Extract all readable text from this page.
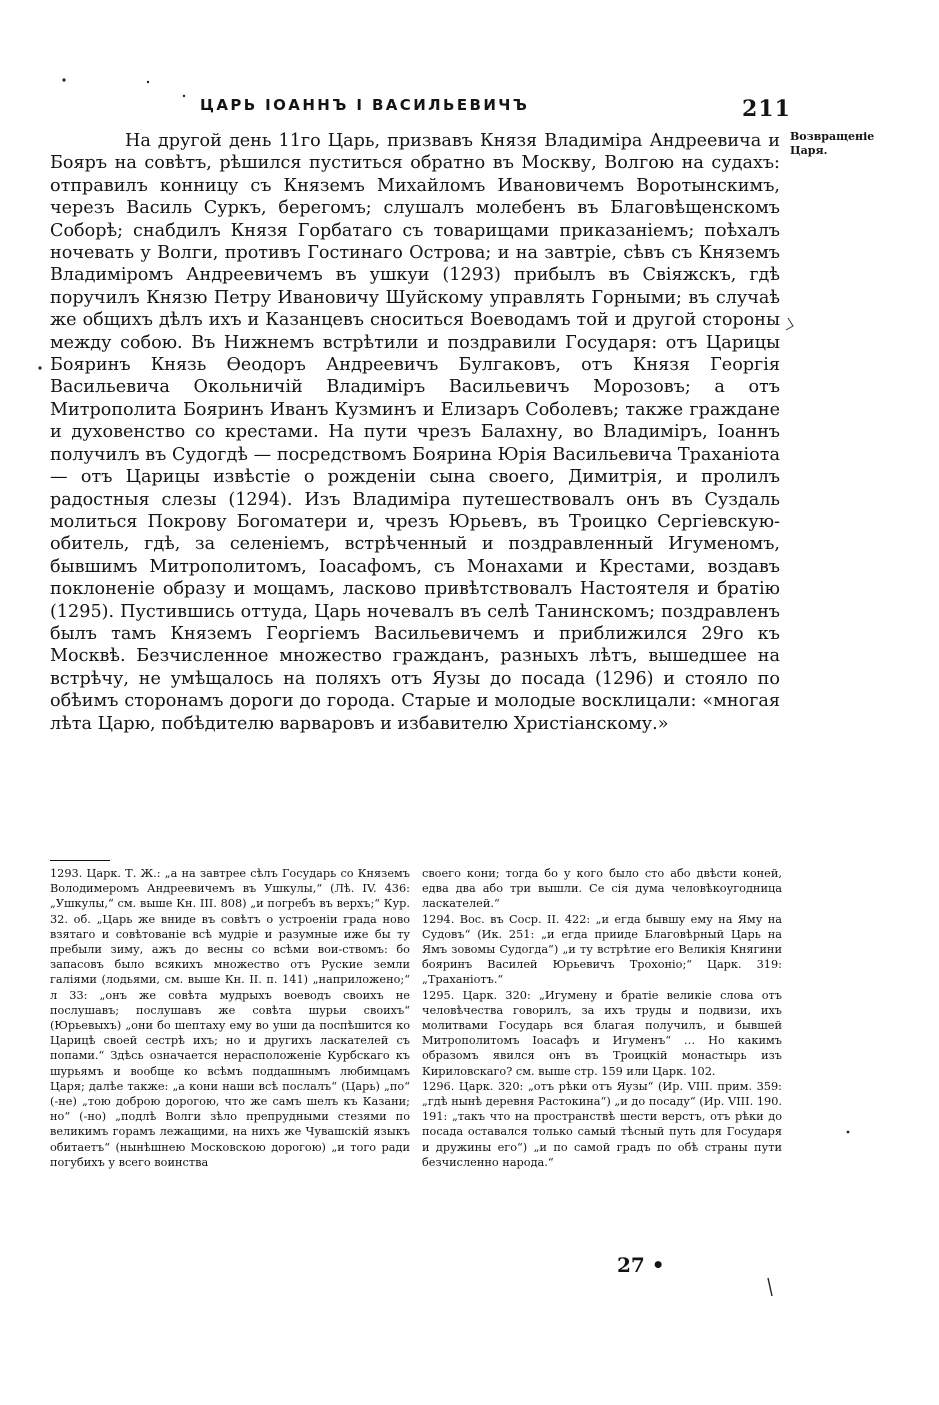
ЦАРЬ ІОАННЪ І ВАСИЛЬЕВИЧЪ	211
Возвращеніе Царя.

На другой день 11го Царь, призвавъ Князя Владиміра Андреевича и Бояръ на совѣтъ, рѣшился пуститься обратно въ Москву, Волгою на судахъ: отправилъ конницу съ Княземъ Михайломъ Ивановичемъ Воротынскимъ, черезъ Василь Суркъ, берегомъ; слушалъ молебенъ въ Благовѣщенскомъ Соборѣ; снабдилъ Князя Горбатаго съ товарищами приказаніемъ; поѣхалъ ночевать у Волги, противъ Гостинаго Острова; и на завтріе, сѣвъ съ Княземъ Владиміромъ Андреевичемъ въ ушкуи (1293) прибылъ въ Свіяжскъ, гдѣ поручилъ Князю Петру Ивановичу Шуйскому управлять Горными; въ случаѣ же общихъ дѣлъ ихъ и Казанцевъ сноситься Воеводамъ той и другой стороны между собою. Въ Нижнемъ встрѣтили и поздравили Государя: отъ Царицы Бояринъ Князь Ѳеодоръ Андреевичъ Булгаковъ, отъ Князя Георгія Васильевича Окольничій Владиміръ Васильевичъ Морозовъ; а отъ Митрополита Бояринъ Иванъ Кузминъ и Елизаръ Соболевъ; также граждане и духовенство со крестами. На пути чрезъ Балахну, во Владиміръ, Іоаннъ получилъ въ Судогдѣ — посредствомъ Боярина Юрія Васильевича Траханіота — отъ Царицы извѣстіе о рожденіи сына своего, Димитрія, и пролилъ радостныя слезы (1294). Изъ Владиміра путешествовалъ онъ въ Суздаль молиться Покрову Богоматери и, чрезъ Юрьевъ, въ Троицко Сергіевскую-обитель, гдѣ, за селеніемъ, встрѣченный и поздравленный Игуменомъ, бывшимъ Митрополитомъ, Іоасафомъ, съ Монахами и Крестами, воздавъ поклоненіе образу и мощамъ, ласково привѣтствовалъ Настоятеля и братію (1295). Пустившись оттуда, Царь ночевалъ въ селѣ Танинскомъ; поздравленъ былъ тамъ Княземъ Георгіемъ Васильевичемъ и приближился 29го къ Москвѣ. Безчисленное множество гражданъ, разныхъ лѣтъ, вышедшее на встрѣчу, не умѣщалось на поляхъ отъ Яузы до посада (1296) и стояло по обѣимъ сторонамъ дороги до города. Старые и молодые восклицали: «многая лѣта Царю, побѣдителю варваровъ и избавителю Христіанскому.»

1293. Царк. Т. Ж.: „а на завтрее сѣлъ Государь со Княземъ Володимеромъ Андреевичемъ въ Ушкулы,“ (Лѣ. IV. 436: „Ушкулы,“ см. выше Кн. III. 808) „и погребъ въ верхъ;“ Кур. 32. об. „Царь же вниде въ совѣтъ о устроеніи града ново взятаго и совѣтованіе всѣ мудріе и разумные иже бы ту пребыли зиму, ажъ до весны со всѣми вои-ствомъ: бо запасовъ было всякихъ множество отъ Руские земли галіями (лодьями, см. выше Кн. II. п. 141) „наприложено;“ л 33: „онъ же совѣта мудрыхъ воеводъ своихъ не послушавъ; послушавъ же совѣта шурьи своихъ“ (Юрьевыхъ) „они бо шептаху ему во уши да поспѣшится ко Царицѣ своей сестрѣ ихъ; но и другихъ ласкателей съ попами.“ Здѣсь означается нерасположеніе Курбскаго къ шурьямъ и вообще ко всѣмъ поддашнымъ любимцамъ Царя; далѣе также: „а кони наши всѣ послалъ“ (Царь) „по“ (-не) „тою доброю дорогою, что же самъ шелъ къ Казани; но“ (-но) „подлѣ Волги зѣло препрудными стезями по великимъ горамъ лежащими, на нихъ же Чувашскій языкъ обитаетъ“ (нынѣшнею Московскою дорогою) „и того ради погубихъ у всего воинства

своего кони; тогда бо у кого было сто або двѣсти коней, едва два або три вышли. Се сія дума человѣкоугодница ласкателей.“

1294. Вос. въ Соср. II. 422: „и егда бывшу ему на Яму на Судовъ“ (Ик. 251: „и егда прииде Благовѣрный Царь на Ямъ зовомы Судогда“) „и ту встрѣтие его Великія Княгини бояринъ Василей Юрьевичъ Трохоніо;“ Царк. 319: „Траханіотъ.“

1295. Царк. 320: „Игумену и братіе великіе слова отъ человѣчества говорилъ, за ихъ труды и подвизи, ихъ молитвами Государь вся благая получилъ, и бывшей Митрополитомъ Іоасафъ и Игуменъ“ … Но какимъ образомъ явился онъ въ Троицкій монастырь изъ Кириловскаго? см. выше стр. 159 или Царк. 102.

1296. Царк. 320: „отъ рѣки отъ Яузы“ (Ир. VIII. прим. 359: „гдѣ нынѣ деревня Растокина“) „и до посаду“ (Ир. VIII. 190. 191: „такъ что на пространствѣ шести верстъ, отъ рѣки до посада оставался только самый тѣсный путь для Государя и дружины его“) „и по самой градъ по обѣ страны пути безчисленно народа.“

27 •
